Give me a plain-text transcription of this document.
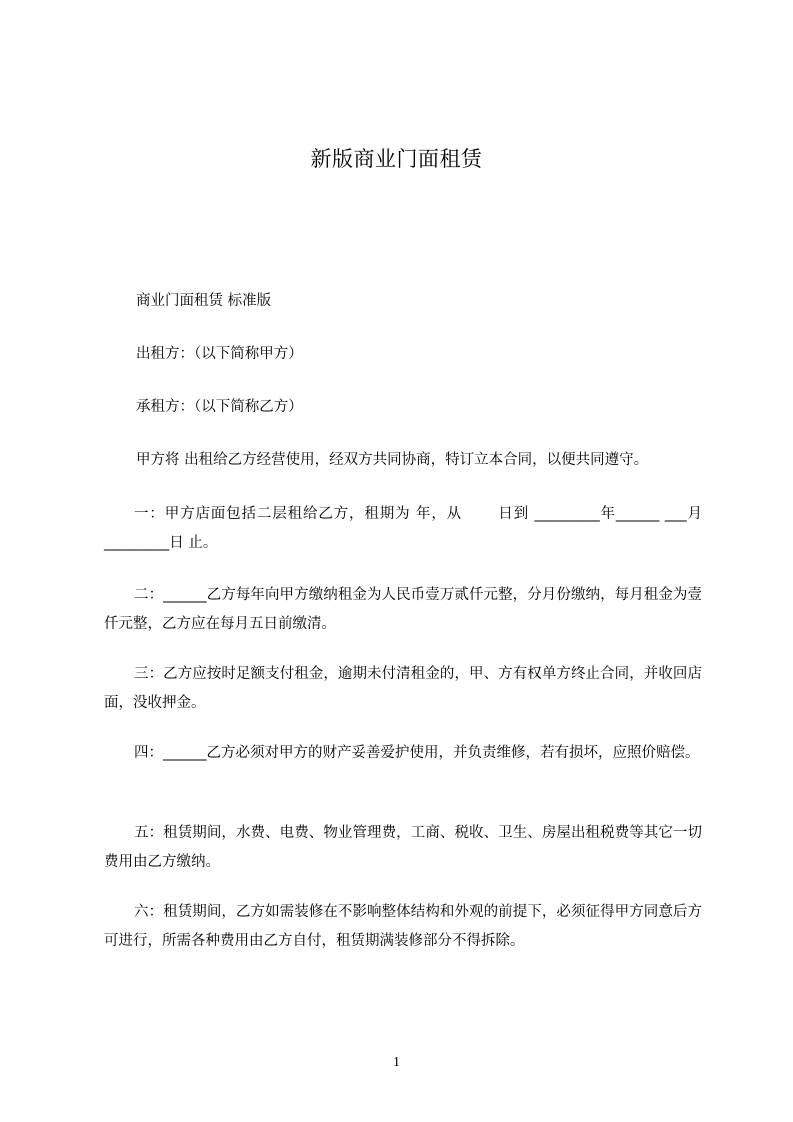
新版商业门面租赁
商业门面租赁 标准版
出租方：（以下简称甲方）
承租方：（以下简称乙方）
甲方将 出租给乙方经营使用，经双方共同协商，特订立本合同，以便共同遵守。
一：甲方店面包括二层租给乙方，租期为 年，从 　　日到 _________年______ ___月_________日 止。
二：______乙方每年向甲方缴纳租金为人民币壹万贰仟元整，分月份缴纳，每月租金为壹仟元整，乙方应在每月五日前缴清。
三：乙方应按时足额支付租金，逾期未付清租金的，甲、方有权单方终止合同，并收回店面，没收押金。
四：______乙方必须对甲方的财产妥善爱护使用，并负责维修，若有损坏，应照价赔偿。
五：租赁期间，水费、电费、物业管理费，工商、税收、卫生、房屋出租税费等其它一切费用由乙方缴纳。
六：租赁期间，乙方如需装修在不影响整体结构和外观的前提下，必须征得甲方同意后方可进行，所需各种费用由乙方自付，租赁期满装修部分不得拆除。
1
